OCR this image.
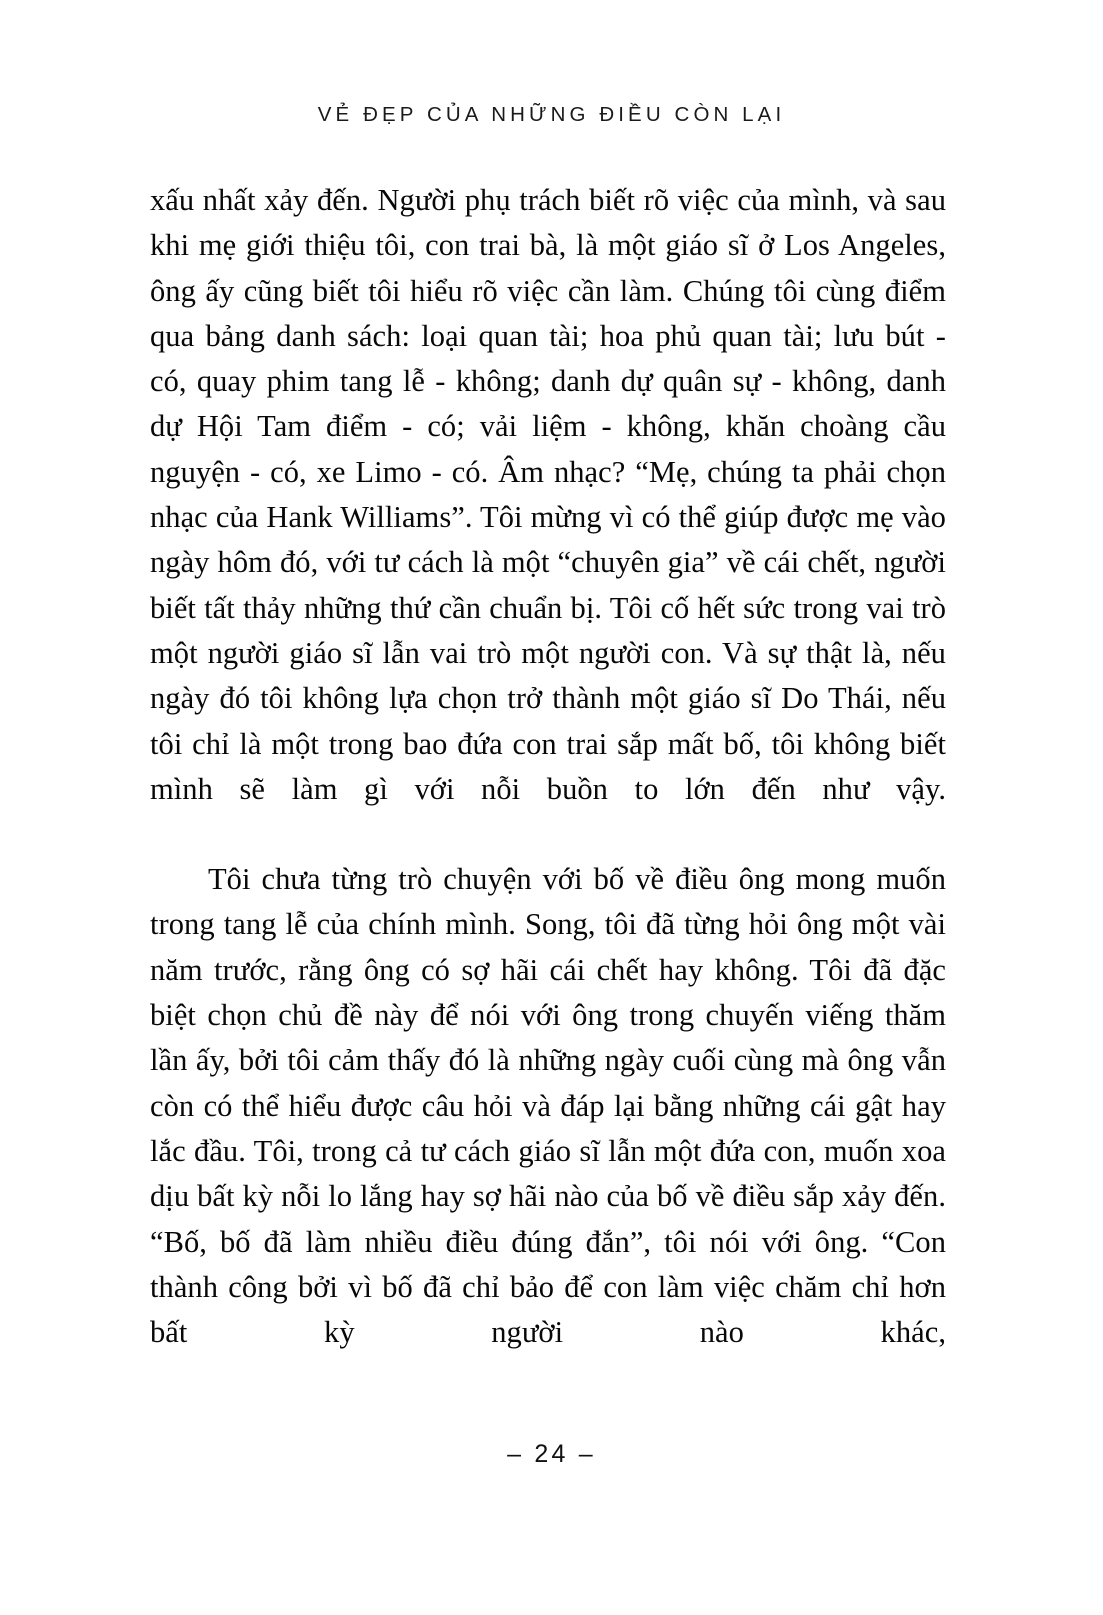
VẺ ĐẸP CỦA NHỮNG ĐIỀU CÒN LẠI

xấu nhất xảy đến. Người phụ trách biết rõ việc của mình, và sau khi mẹ giới thiệu tôi, con trai bà, là một giáo sĩ ở Los Angeles, ông ấy cũng biết tôi hiểu rõ việc cần làm. Chúng tôi cùng điểm qua bảng danh sách: loại quan tài; hoa phủ quan tài; lưu bút - có, quay phim tang lễ - không; danh dự quân sự - không, danh dự Hội Tam điểm - có; vải liệm - không, khăn choàng cầu nguyện - có, xe Limo - có. Âm nhạc? “Mẹ, chúng ta phải chọn nhạc của Hank Williams”. Tôi mừng vì có thể giúp được mẹ vào ngày hôm đó, với tư cách là một “chuyên gia” về cái chết, người biết tất thảy những thứ cần chuẩn bị. Tôi cố hết sức trong vai trò một người giáo sĩ lẫn vai trò một người con. Và sự thật là, nếu ngày đó tôi không lựa chọn trở thành một giáo sĩ Do Thái, nếu tôi chỉ là một trong bao đứa con trai sắp mất bố, tôi không biết mình sẽ làm gì với nỗi buồn to lớn đến như vậy.

Tôi chưa từng trò chuyện với bố về điều ông mong muốn trong tang lễ của chính mình. Song, tôi đã từng hỏi ông một vài năm trước, rằng ông có sợ hãi cái chết hay không. Tôi đã đặc biệt chọn chủ đề này để nói với ông trong chuyến viếng thăm lần ấy, bởi tôi cảm thấy đó là những ngày cuối cùng mà ông vẫn còn có thể hiểu được câu hỏi và đáp lại bằng những cái gật hay lắc đầu. Tôi, trong cả tư cách giáo sĩ lẫn một đứa con, muốn xoa dịu bất kỳ nỗi lo lắng hay sợ hãi nào của bố về điều sắp xảy đến. “Bố, bố đã làm nhiều điều đúng đắn”, tôi nói với ông. “Con thành công bởi vì bố đã chỉ bảo để con làm việc chăm chỉ hơn bất kỳ người nào khác,

– 24 –
